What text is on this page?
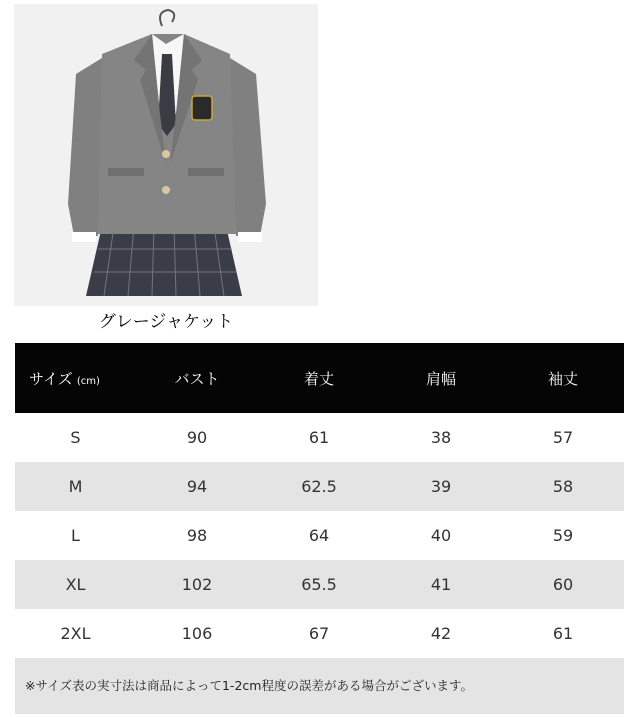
グレージャケット
サイズ (cm)	バスト	着丈	肩幅	袖丈
S	90	61	38	57
M	94	62.5	39	58
L	98	64	40	59
XL	102	65.5	41	60
2XL	106	67	42	61
※サイズ表の実寸法は商品によって1-2cm程度の誤差がある場合がございます。
